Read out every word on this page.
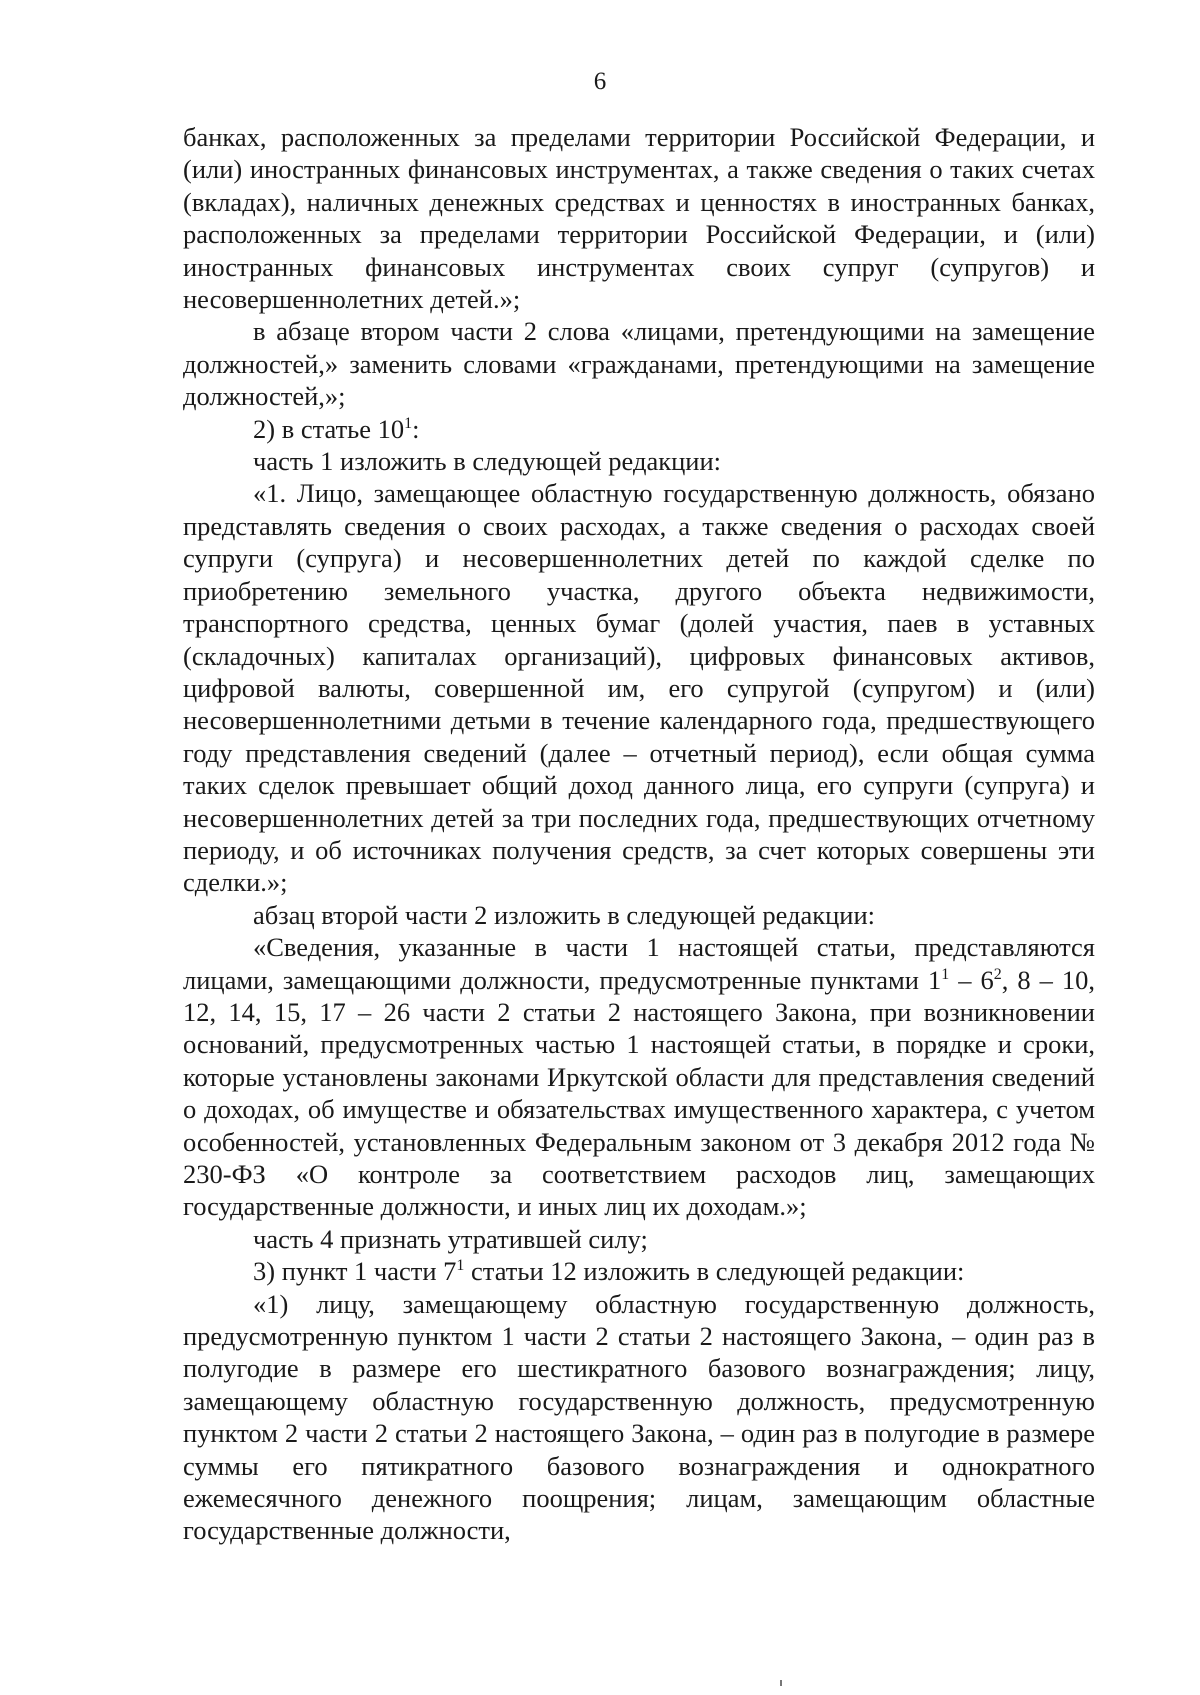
6

банках, расположенных за пределами территории Российской Федерации, и (или) иностранных финансовых инструментах, а также сведения о таких счетах (вкладах), наличных денежных средствах и ценностях в иностранных банках, расположенных за пределами территории Российской Федерации, и (или) иностранных финансовых инструментах своих супруг (супругов) и несовершеннолетних детей.»;

в абзаце втором части 2 слова «лицами, претендующими на замещение должностей,» заменить словами «гражданами, претендующими на замещение должностей,»;

2) в статье $10^1$:

часть 1 изложить в следующей редакции:

«1. Лицо, замещающее областную государственную должность, обязано представлять сведения о своих расходах, а также сведения о расходах своей супруги (супруга) и несовершеннолетних детей по каждой сделке по приобретению земельного участка, другого объекта недвижимости, транспортного средства, ценных бумаг (долей участия, паев в уставных (складочных) капиталах организаций), цифровых финансовых активов, цифровой валюты, совершенной им, его супругой (супругом) и (или) несовершеннолетними детьми в течение календарного года, предшествующего году представления сведений (далее – отчетный период), если общая сумма таких сделок превышает общий доход данного лица, его супруги (супруга) и несовершеннолетних детей за три последних года, предшествующих отчетному периоду, и об источниках получения средств, за счет которых совершены эти сделки.»;

абзац второй части 2 изложить в следующей редакции:

«Сведения, указанные в части 1 настоящей статьи, представляются лицами, замещающими должности, предусмотренные пунктами $1^1 - 6^2$, 8 – 10, 12, 14, 15, 17 – 26 части 2 статьи 2 настоящего Закона, при возникновении оснований, предусмотренных частью 1 настоящей статьи, в порядке и сроки, которые установлены законами Иркутской области для представления сведений о доходах, об имуществе и обязательствах имущественного характера, с учетом особенностей, установленных Федеральным законом от 3 декабря 2012 года № 230-ФЗ «О контроле за соответствием расходов лиц, замещающих государственные должности, и иных лиц их доходам.»;

часть 4 признать утратившей силу;

3) пункт 1 части $7^1$ статьи 12 изложить в следующей редакции:

«1) лицу, замещающему областную государственную должность, предусмотренную пунктом 1 части 2 статьи 2 настоящего Закона, – один раз в полугодие в размере его шестикратного базового вознаграждения; лицу, замещающему областную государственную должность, предусмотренную пунктом 2 части 2 статьи 2 настоящего Закона, – один раз в полугодие в размере суммы его пятикратного базового вознаграждения и однократного ежемесячного денежного поощрения; лицам, замещающим областные государственные должности,
